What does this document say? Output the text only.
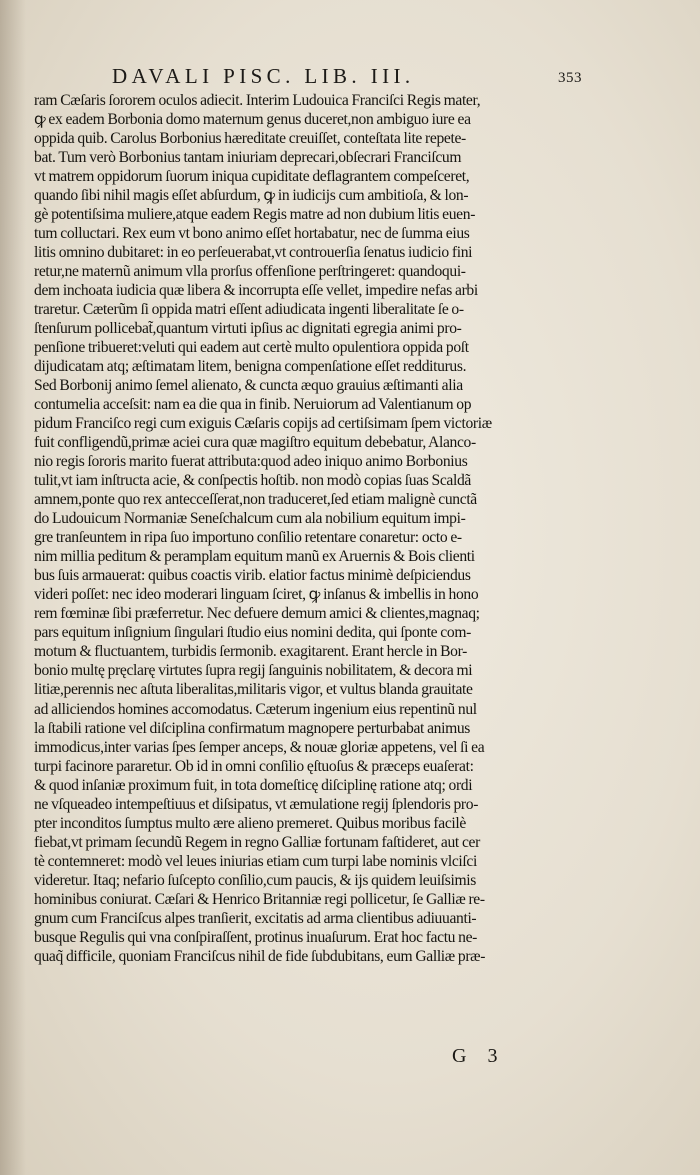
DAVALI PISC. LIB. III.	353
ram Cæſaris ſororem oculos adiecit. Interim Ludouica Franciſci Regis mater,
ꝙ ex eadem Borbonia domo maternum genus duceret,non ambiguo iure ea
oppida quib. Carolus Borbonius hæreditate creuiſſet, conteſtata lite repete-
bat. Tum verò Borbonius tantam iniuriam deprecari,obſecrari Franciſcum
vt matrem oppidorum ſuorum iniqua cupiditate deflagrantem compeſceret,
quando ſibi nihil magis eſſet abſurdum, ꝙ in iudicijs cum ambitioſa, & lon-
gè potentiſsima muliere,atque eadem Regis matre ad non dubium litis euen-
tum colluctari. Rex eum vt bono animo eſſet hortabatur, nec de ſumma eius
litis omnino dubitaret: in eo perſeuerabat,vt controuerſia ſenatus iudicio fini
retur,ne maternũ animum vlla prorſus offenſione perſtringeret: quandoqui-
dem inchoata iudicia quæ libera & incorrupta eſſe vellet, impedire nefas arbi
traretur. Cæterũm ſi oppida matri eſſent adiudicata ingenti liberalitate ſe o-
ſtenſurum pollicebat̃,quantum virtuti ipſius ac dignitati egregia animi pro-
penſione tribueret:veluti qui eadem aut certè multo opulentiora oppida poſt
dijudicatam atq; æſtimatam litem, benigna compenſatione eſſet redditurus.
Sed Borbonij animo ſemel alienato, & cuncta æquo grauius æſtimanti alia
contumelia acceſsit: nam ea die qua in finib. Neruiorum ad Valentianum op
pidum Franciſco regi cum exiguis Cæſaris copijs ad certiſsimam ſpem victoriæ
fuit confligendũ,primæ aciei cura quæ magiſtro equitum debebatur, Alanco-
nio regis ſororis marito fuerat attributa:quod adeo iniquo animo Borbonius
tulit,vt iam inſtructa acie, & conſpectis hoſtib. non modò copias ſuas Scaldã
amnem,ponte quo rex antecceſſerat,non traduceret,ſed etiam malignè cunctã
do Ludouicum Normaniæ Seneſchalcum cum ala nobilium equitum impi-
gre tranſeuntem in ripa ſuo importuno conſilio retentare conaretur: octo e-
nim millia peditum & peramplam equitum manũ ex Aruernis & Bois clienti
bus ſuis armauerat: quibus coactis virib. elatior factus minimè deſpiciendus
videri poſſet: nec ideo moderari linguam ſciret, ꝙ inſanus & imbellis in hono
rem fœminæ ſibi præferretur. Nec defuere demum amici & clientes,magnaq;
pars equitum inſignium ſingulari ſtudio eius nomini dedita, qui ſponte com-
motum & fluctuantem, turbidis ſermonib. exagitarent. Erant hercle in Bor-
bonio multę pręclarę virtutes ſupra regij ſanguinis nobilitatem, & decora mi
litiæ,perennis nec aſtuta liberalitas,militaris vigor, et vultus blanda grauitate
ad alliciendos homines accomodatus. Cæterum ingenium eius repentinũ nul
la ſtabili ratione vel diſciplina confirmatum magnopere perturbabat animus
immodicus,inter varias ſpes ſemper anceps, & nouæ gloriæ appetens, vel ſi ea
turpi facinore pararetur. Ob id in omni conſilio ęſtuoſus & præceps euaſerat:
& quod inſaniæ proximum fuit, in tota domeſticę diſciplinę ratione atq; ordi
ne vſqueadeo intempeſtiuus et diſsipatus, vt æmulatione regij ſplendoris pro-
pter inconditos ſumptus multo ære alieno premeret. Quibus moribus facilè
fiebat,vt primam ſecundũ Regem in regno Galliæ fortunam faſtideret, aut cer
tè contemneret: modò vel leues iniurias etiam cum turpi labe nominis vlciſci
videretur. Itaq; nefario ſuſcepto conſilio,cum paucis, & ijs quidem leuiſsimis
hominibus coniurat. Cæſari & Henrico Britanniæ regi pollicetur, ſe Galliæ re-
gnum cum Franciſcus alpes tranſierit, excitatis ad arma clientibus adiuuanti-
busque Regulis qui vna conſpiraſſent, protinus inuaſurum. Erat hoc factu ne-
quaq̃ difficile, quoniam Franciſcus nihil de fide ſubdubitans, eum Galliæ præ-
G 3
